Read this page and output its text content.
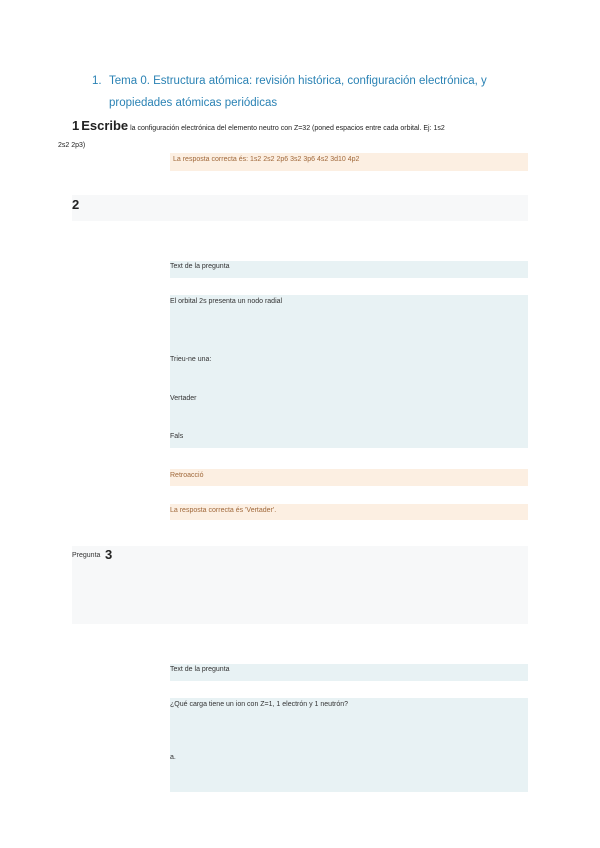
1. Tema 0. Estructura atómica: revisión histórica, configuración electrónica, y propiedades atómicas periódicas
1 Escribe la configuración electrónica del elemento neutro con Z=32 (poned espacios entre cada orbital. Ej: 1s2
2s2 2p3)
La resposta correcta és: 1s2 2s2 2p6 3s2 3p6 4s2 3d10 4p2
2
Text de la pregunta
El orbital 2s presenta un nodo radial
Trieu-ne una:
Vertader
Fals
Retroacció
La resposta correcta és 'Vertader'.
Pregunta 3
Text de la pregunta
¿Qué carga tiene un ion con Z=1, 1 electrón y 1 neutrón?
a.
